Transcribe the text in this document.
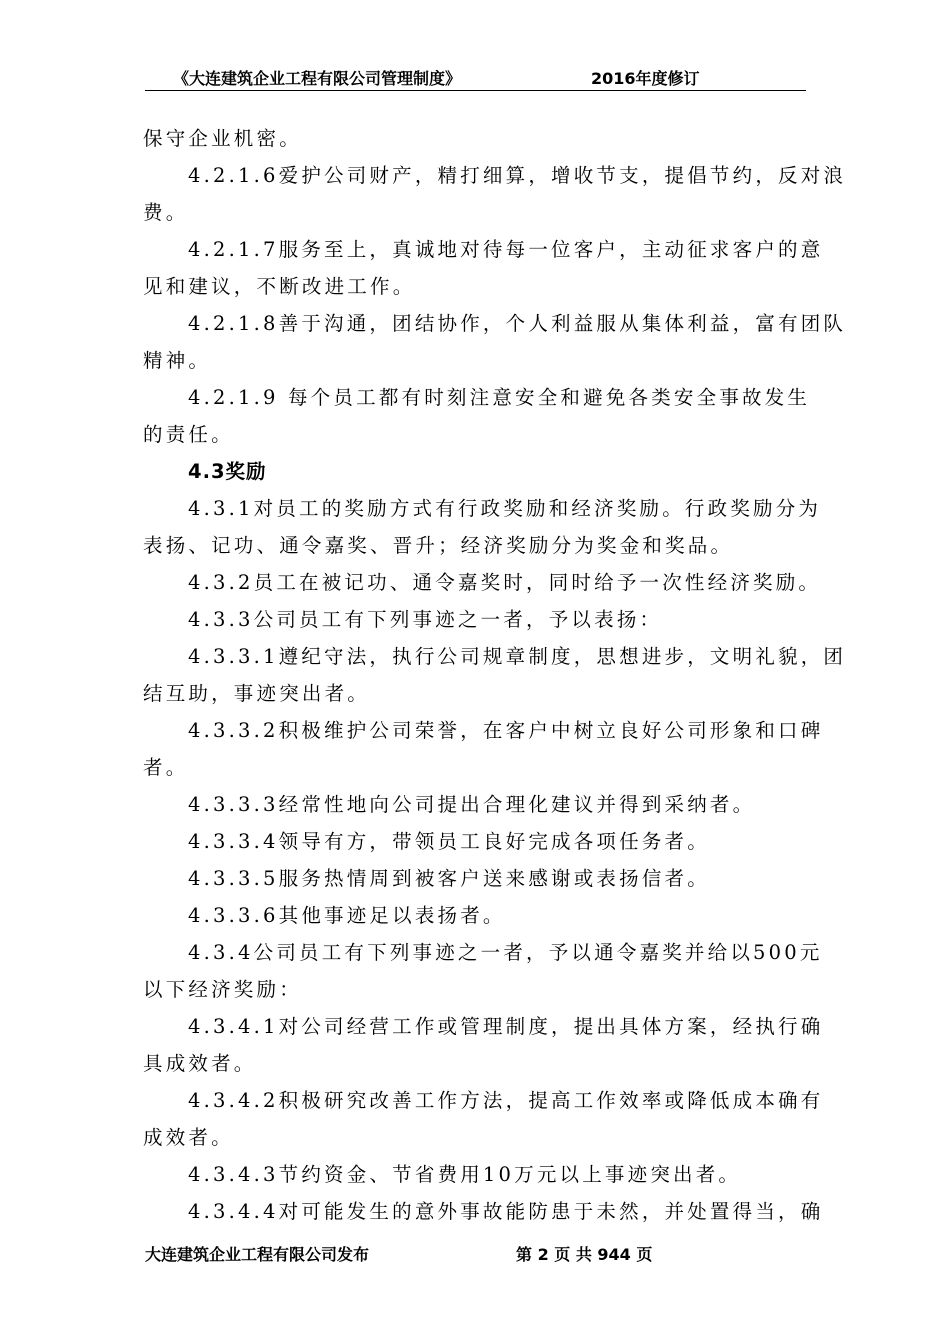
《大连建筑企业工程有限公司管理制度》	2016年度修订
保守企业机密。
4.2.1.6爱护公司财产，精打细算，增收节支，提倡节约，反对浪
费。
4.2.1.7服务至上，真诚地对待每一位客户，主动征求客户的意
见和建议，不断改进工作。
4.2.1.8善于沟通，团结协作，个人利益服从集体利益，富有团队
精神。
4.2.1.9 每个员工都有时刻注意安全和避免各类安全事故发生
的责任。
4.3奖励
4.3.1对员工的奖励方式有行政奖励和经济奖励。行政奖励分为
表扬、记功、通令嘉奖、晋升；经济奖励分为奖金和奖品。
4.3.2员工在被记功、通令嘉奖时，同时给予一次性经济奖励。
4.3.3公司员工有下列事迹之一者，予以表扬：
4.3.3.1遵纪守法，执行公司规章制度，思想进步，文明礼貌，团
结互助，事迹突出者。
4.3.3.2积极维护公司荣誉，在客户中树立良好公司形象和口碑
者。
4.3.3.3经常性地向公司提出合理化建议并得到采纳者。
4.3.3.4领导有方，带领员工良好完成各项任务者。
4.3.3.5服务热情周到被客户送来感谢或表扬信者。
4.3.3.6其他事迹足以表扬者。
4.3.4公司员工有下列事迹之一者，予以通令嘉奖并给以500元
以下经济奖励：
4.3.4.1对公司经营工作或管理制度，提出具体方案，经执行确
具成效者。
4.3.4.2积极研究改善工作方法，提高工作效率或降低成本确有
成效者。
4.3.4.3节约资金、节省费用10万元以上事迹突出者。
4.3.4.4对可能发生的意外事故能防患于未然，并处置得当，确
大连建筑企业工程有限公司发布	第 2 页 共 944 页
